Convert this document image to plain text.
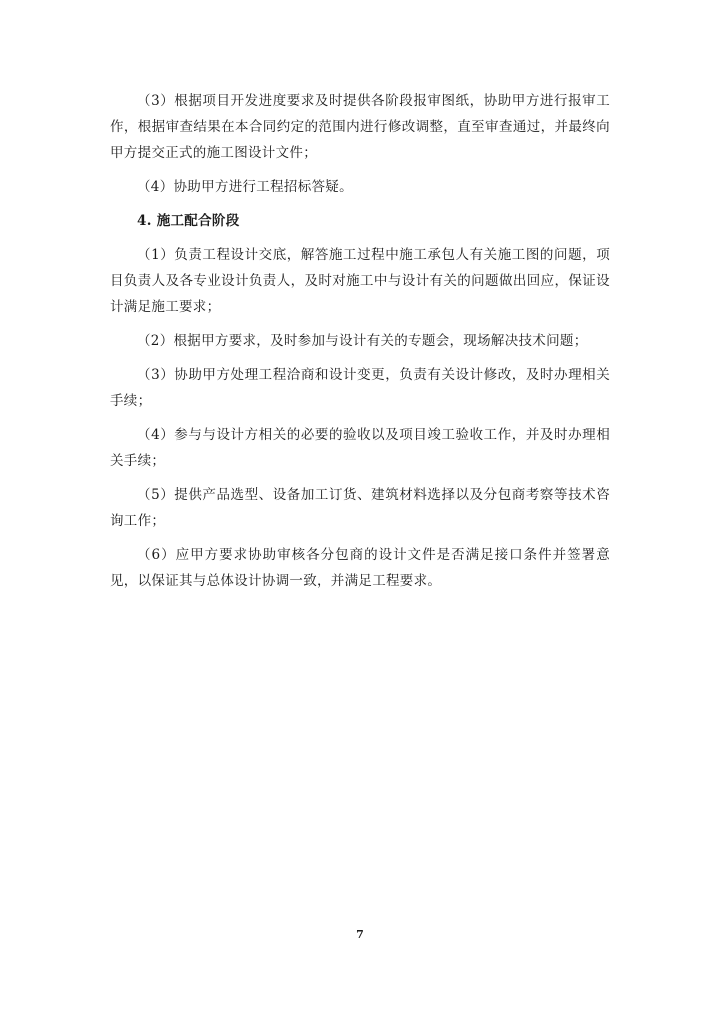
（3）根据项目开发进度要求及时提供各阶段报审图纸，协助甲方进行报审工作，根据审查结果在本合同约定的范围内进行修改调整，直至审查通过，并最终向甲方提交正式的施工图设计文件；

（4）协助甲方进行工程招标答疑。

4. 施工配合阶段

（1）负责工程设计交底，解答施工过程中施工承包人有关施工图的问题，项目负责人及各专业设计负责人，及时对施工中与设计有关的问题做出回应，保证设计满足施工要求；

（2）根据甲方要求，及时参加与设计有关的专题会，现场解决技术问题；

（3）协助甲方处理工程洽商和设计变更，负责有关设计修改，及时办理相关手续；

（4）参与与设计方相关的必要的验收以及项目竣工验收工作，并及时办理相关手续；

（5）提供产品选型、设备加工订货、建筑材料选择以及分包商考察等技术咨询工作；

（6）应甲方要求协助审核各分包商的设计文件是否满足接口条件并签署意见，以保证其与总体设计协调一致，并满足工程要求。

7
